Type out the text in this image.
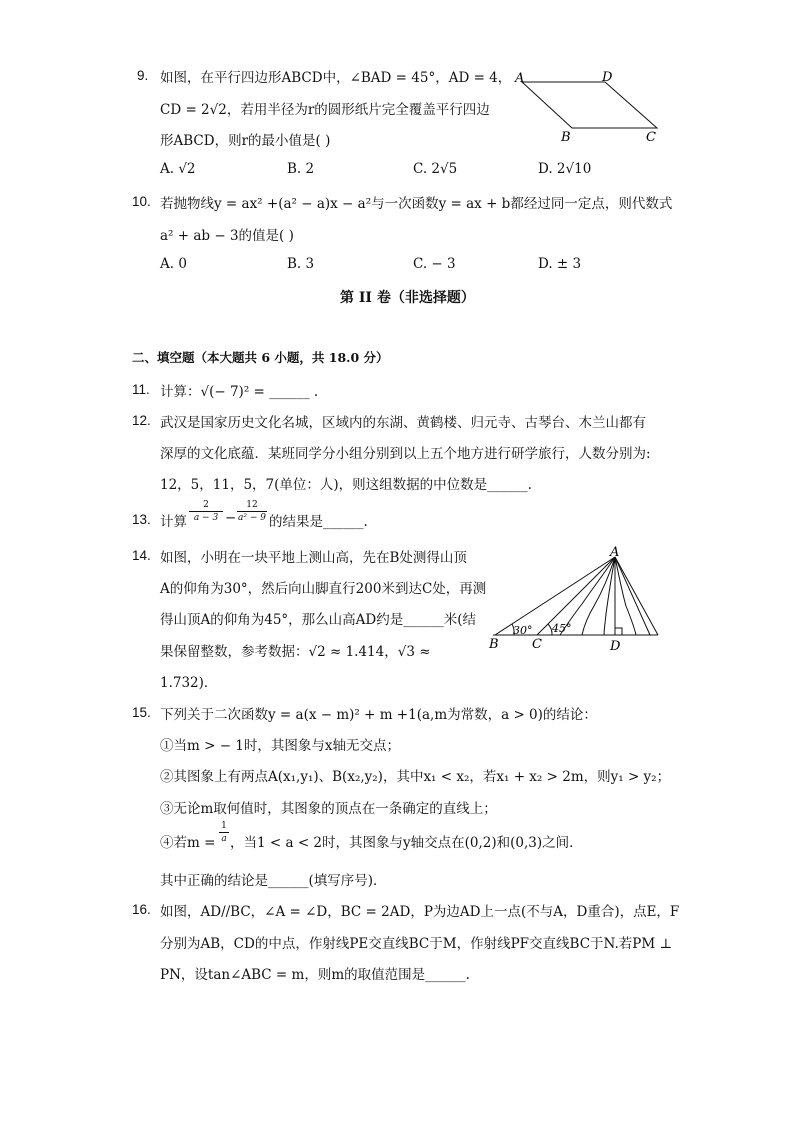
9. 如图，在平行四边形ABCD中，∠BAD = 45°，AD = 4，
CD = 2√2，若用半径为r的圆形纸片完全覆盖平行四边
形ABCD，则r的最小值是( )
A. √2	B. 2	C. 2√5	D. 2√10
A	D
B	C
10. 若抛物线y = ax² +(a² − a)x − a²与一次函数y = ax + b都经过同一定点，则代数式
a² + ab − 3的值是( )
A. 0	B. 3	C. − 3	D. ± 3
第 II 卷（非选择题）
二、填空题（本大题共 6 小题，共 18.0 分）
11. 计算：√(− 7)² = ______ .
12. 武汉是国家历史文化名城，区域内的东湖、黄鹤楼、归元寺、古琴台、木兰山都有
深厚的文化底蕴．某班同学分小组分别到以上五个地方进行研学旅行，人数分别为:
12，5，11，5，7(单位：人)，则这组数据的中位数是______.
13. 计算
2
a − 3 −
12
a² − 9 的结果是______.
14. 如图，小明在一块平地上测山高，先在B处测得山顶
A的仰角为30°，然后向山脚直行200米到达C处，再测
得山顶A的仰角为45°，那么山高AD约是______米(结
果保留整数，参考数据：√2 ≈ 1.414，√3 ≈
1.732)．
A
B	C	D
30° 45°
15. 下列关于二次函数y = a(x − m)² + m +1(a,m为常数，a > 0)的结论：
①当m > − 1时，其图象与x轴无交点；
②其图象上有两点A(x₁,y₁)、B(x₂,y₂)，其中x₁ < x₂，若x₁ + x₂ > 2m，则y₁ > y₂；
③无论m取何值时，其图象的顶点在一条确定的直线上；
④若m =
1
a ，当1 < a < 2时，其图象与y轴交点在(0,2)和(0,3)之间．
其中正确的结论是______(填写序号)．
16. 如图，AD//BC，∠A = ∠D，BC = 2AD，P为边AD上一点(不与A，D重合)，点E，F
分别为AB，CD的中点，作射线PE交直线BC于M，作射线PF交直线BC于N.若PM ⊥
PN，设tan∠ABC = m，则m的取值范围是______.
